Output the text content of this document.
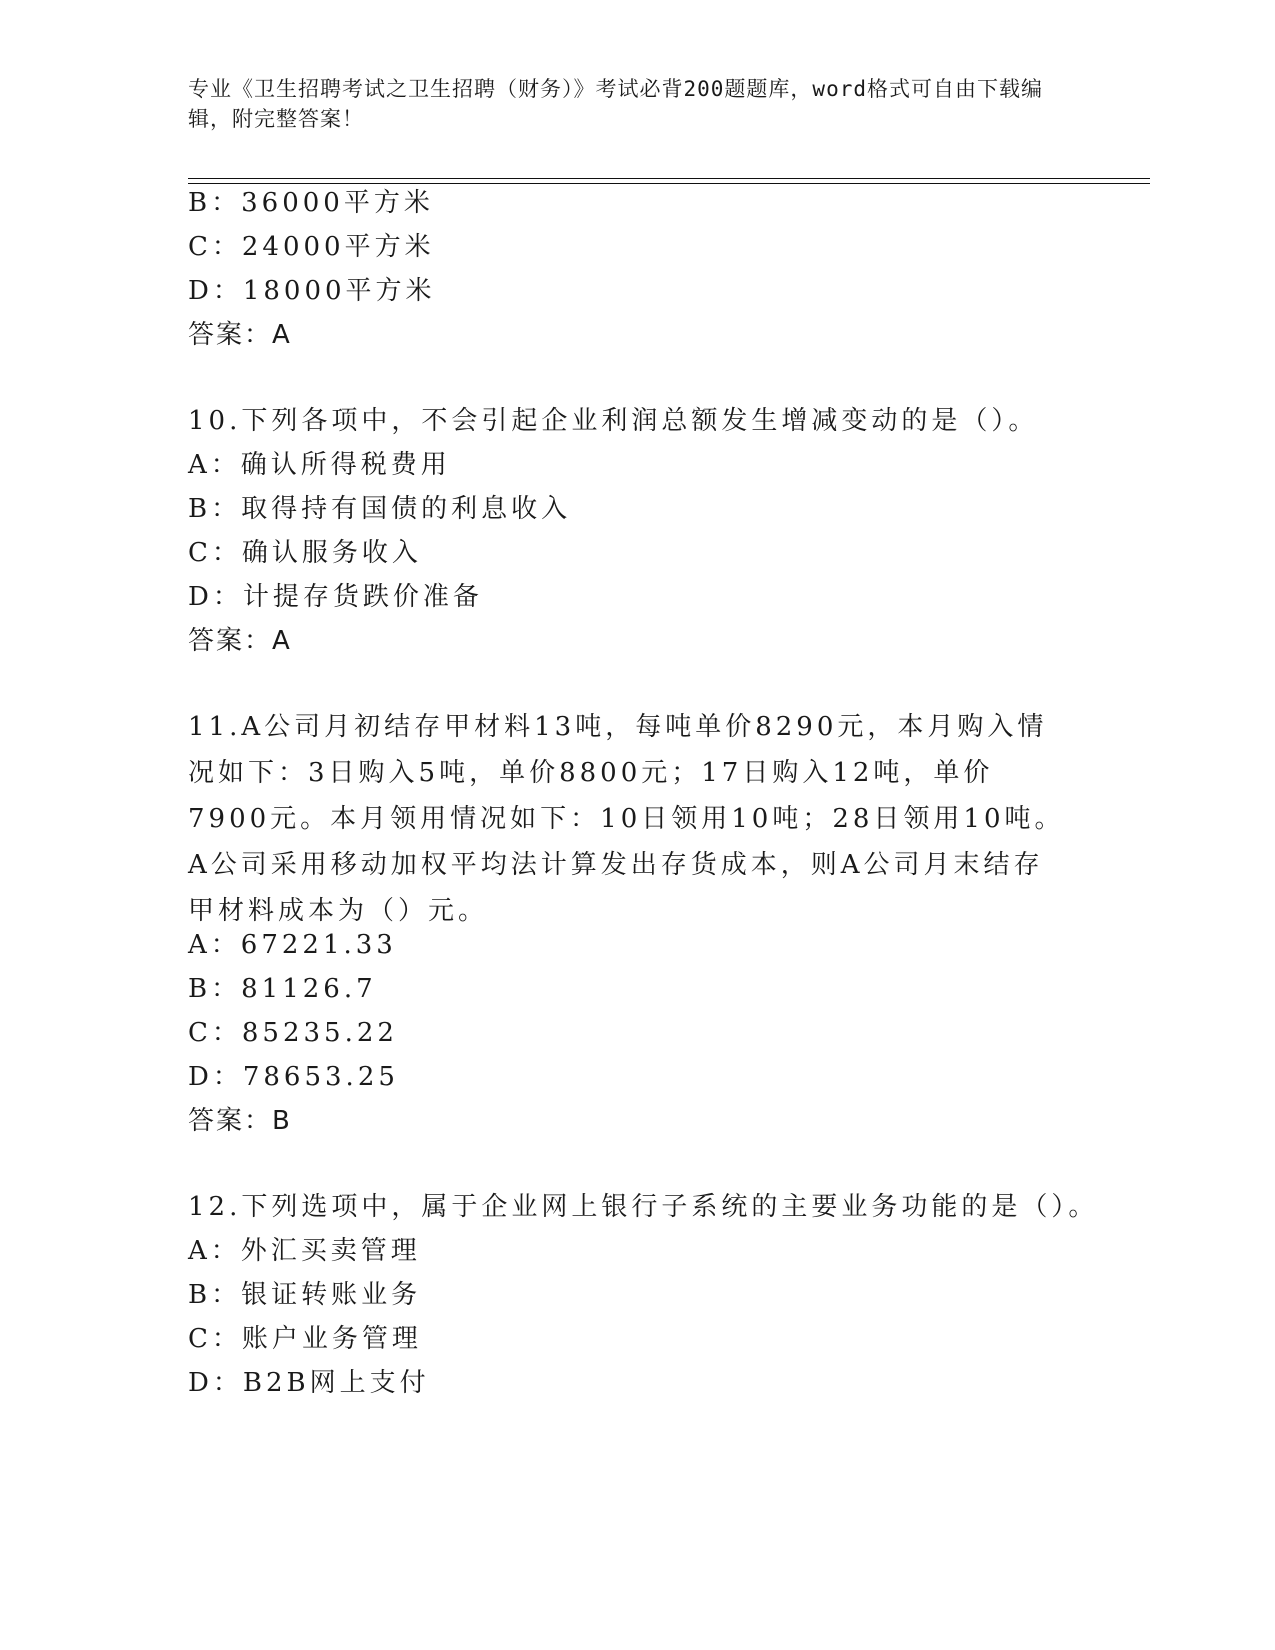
专业《卫生招聘考试之卫生招聘（财务）》考试必背200题题库，word格式可自由下载编辑，附完整答案！
B：36000平方米
C：24000平方米
D：18000平方米
答案：A
10.下列各项中，不会引起企业利润总额发生增减变动的是（）。
A：确认所得税费用
B：取得持有国债的利息收入
C：确认服务收入
D：计提存货跌价准备
答案：A
11.A公司月初结存甲材料13吨，每吨单价8290元，本月购入情况如下：3日购入5吨，单价8800元；17日购入12吨，单价7900元。本月领用情况如下：10日领用10吨；28日领用10吨。A公司采用移动加权平均法计算发出存货成本，则A公司月末结存甲材料成本为（）元。
A：67221.33
B：81126.7
C：85235.22
D：78653.25
答案：B
12.下列选项中，属于企业网上银行子系统的主要业务功能的是（）。
A：外汇买卖管理
B：银证转账业务
C：账户业务管理
D：B2B网上支付
